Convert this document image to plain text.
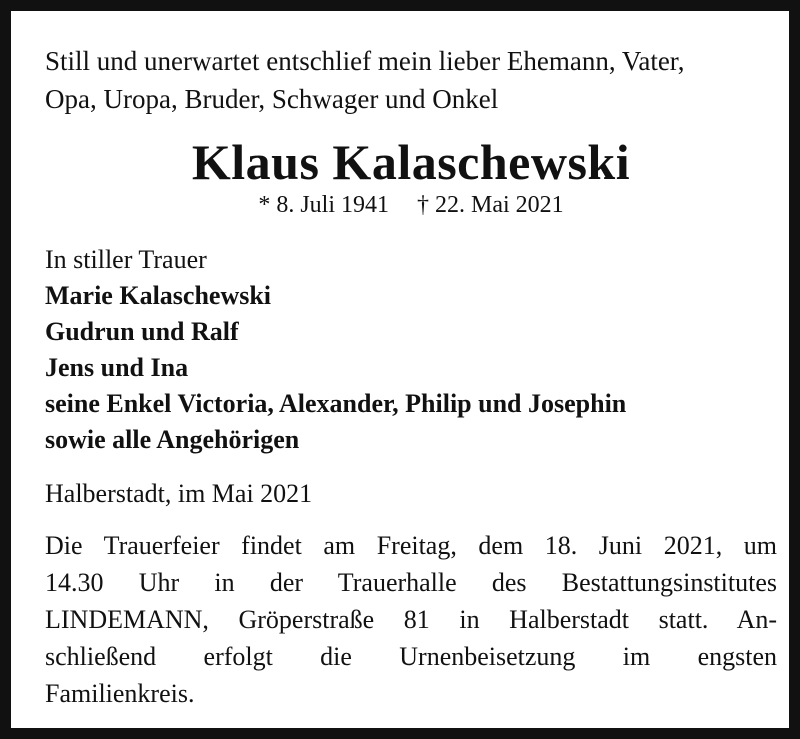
Still und unerwartet entschlief mein lieber Ehemann, Vater,
Opa, Uropa, Bruder, Schwager und Onkel
Klaus Kalaschewski
* 8. Juli 1941 † 22. Mai 2021
In stiller Trauer
Marie Kalaschewski
Gudrun und Ralf
Jens und Ina
seine Enkel Victoria, Alexander, Philip und Josephin
sowie alle Angehörigen
Halberstadt, im Mai 2021
Die Trauerfeier findet am Freitag, dem 18. Juni 2021, um
14.30 Uhr in der Trauerhalle des Bestattungsinstitutes
LINDEMANN, Gröperstraße 81 in Halberstadt statt. An-
schließend erfolgt die Urnenbeisetzung im engsten
Familienkreis.
